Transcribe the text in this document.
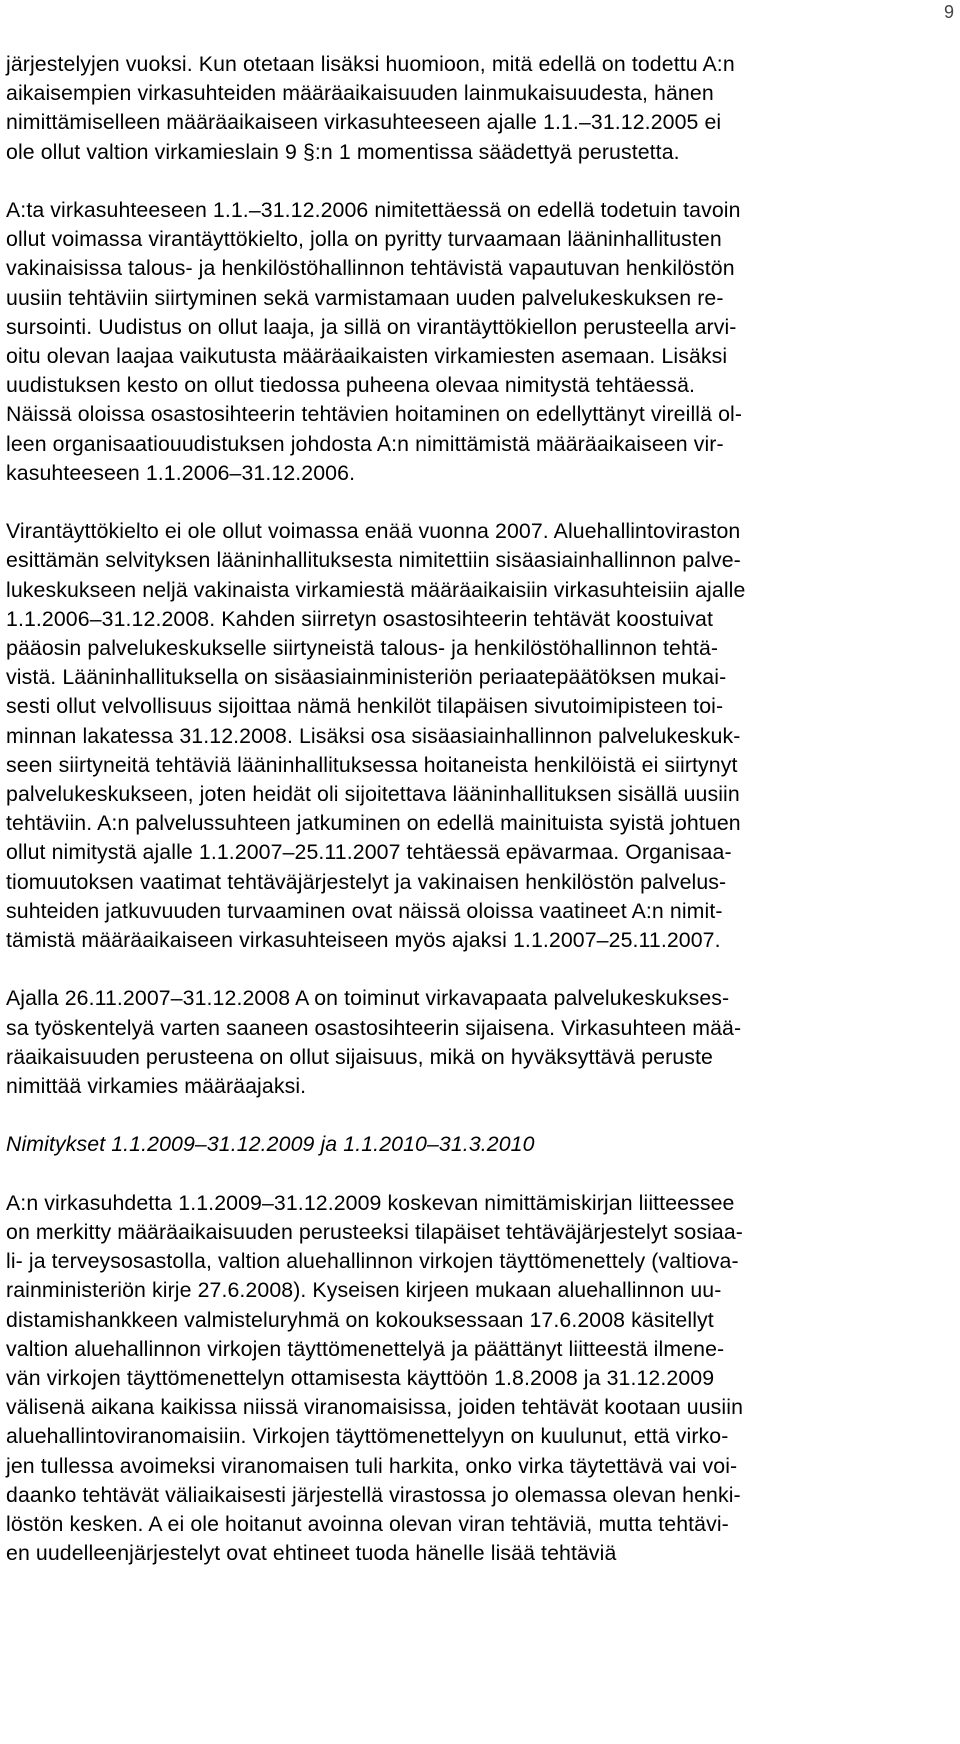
9

järjestelyjen vuoksi. Kun otetaan lisäksi huomioon, mitä edellä on todettu A:n
aikaisempien virkasuhteiden määräaikaisuuden lainmukaisuudesta, hänen
nimittämiselleen määräaikaiseen virkasuhteeseen ajalle 1.1.–31.12.2005 ei
ole ollut valtion virkamieslain 9 §:n 1 momentissa säädettyä perustetta.

A:ta virkasuhteeseen 1.1.–31.12.2006 nimitettäessä on edellä todetuin tavoin
ollut voimassa virantäyttökielto, jolla on pyritty turvaamaan lääninhallitusten
vakinaisissa talous- ja henkilöstöhallinnon tehtävistä vapautuvan henkilöstön
uusiin tehtäviin siirtyminen sekä varmistamaan uuden palvelukeskuksen re-
sursointi. Uudistus on ollut laaja, ja sillä on virantäyttökiellon perusteella arvi-
oitu olevan laajaa vaikutusta määräaikaisten virkamiesten asemaan. Lisäksi
uudistuksen kesto on ollut tiedossa puheena olevaa nimitystä tehtäessä.
Näissä oloissa osastosihteerin tehtävien hoitaminen on edellyttänyt vireillä ol-
leen organisaatiouudistuksen johdosta A:n nimittämistä määräaikaiseen vir-
kasuhteeseen 1.1.2006–31.12.2006.

Virantäyttökielto ei ole ollut voimassa enää vuonna 2007. Aluehallintoviraston
esittämän selvityksen lääninhallituksesta nimitettiin sisäasiainhallinnon palve-
lukeskukseen neljä vakinaista virkamiestä määräaikaisiin virkasuhteisiin ajalle
1.1.2006–31.12.2008. Kahden siirretyn osastosihteerin tehtävät koostuivat
pääosin palvelukeskukselle siirtyneistä talous- ja henkilöstöhallinnon tehtä-
vistä. Lääninhallituksella on sisäasiainministeriön periaatepäätöksen mukai-
sesti ollut velvollisuus sijoittaa nämä henkilöt tilapäisen sivutoimipisteen toi-
minnan lakatessa 31.12.2008. Lisäksi osa sisäasiainhallinnon palvelukeskuk-
seen siirtyneitä tehtäviä lääninhallituksessa hoitaneista henkilöistä ei siirtynyt
palvelukeskukseen, joten heidät oli sijoitettava lääninhallituksen sisällä uusiin
tehtäviin. A:n palvelussuhteen jatkuminen on edellä mainituista syistä johtuen
ollut nimitystä ajalle 1.1.2007–25.11.2007 tehtäessä epävarmaa. Organisaa-
tiomuutoksen vaatimat tehtäväjärjestelyt ja vakinaisen henkilöstön palvelus-
suhteiden jatkuvuuden turvaaminen ovat näissä oloissa vaatineet A:n nimit-
tämistä määräaikaiseen virkasuhteiseen myös ajaksi 1.1.2007–25.11.2007.

Ajalla 26.11.2007–31.12.2008 A on toiminut virkavapaata palvelukeskukses-
sa työskentelyä varten saaneen osastosihteerin sijaisena. Virkasuhteen mää-
räaikaisuuden perusteena on ollut sijaisuus, mikä on hyväksyttävä peruste
nimittää virkamies määräajaksi.

Nimitykset 1.1.2009–31.12.2009 ja 1.1.2010–31.3.2010

A:n virkasuhdetta 1.1.2009–31.12.2009 koskevan nimittämiskirjan liitteessee
on merkitty määräaikaisuuden perusteeksi tilapäiset tehtäväjärjestelyt sosiaa-
li- ja terveysosastolla, valtion aluehallinnon virkojen täyttömenettely (valtiova-
rainministeriön kirje 27.6.2008). Kyseisen kirjeen mukaan aluehallinnon uu-
distamishankkeen valmisteluryhmä on kokouksessaan 17.6.2008 käsitellyt
valtion aluehallinnon virkojen täyttömenettelyä ja päättänyt liitteestä ilmene-
vän virkojen täyttömenettelyn ottamisesta käyttöön 1.8.2008 ja 31.12.2009
välisenä aikana kaikissa niissä viranomaisissa, joiden tehtävät kootaan uusiin
aluehallintoviranomaisiin. Virkojen täyttömenettelyyn on kuulunut, että virko-
jen tullessa avoimeksi viranomaisen tuli harkita, onko virka täytettävä vai voi-
daanko tehtävät väliaikaisesti järjestellä virastossa jo olemassa olevan henki-
löstön kesken. A ei ole hoitanut avoinna olevan viran tehtäviä, mutta tehtävi-
en uudelleenjärjestelyt ovat ehtineet tuoda hänelle lisää tehtäviä
